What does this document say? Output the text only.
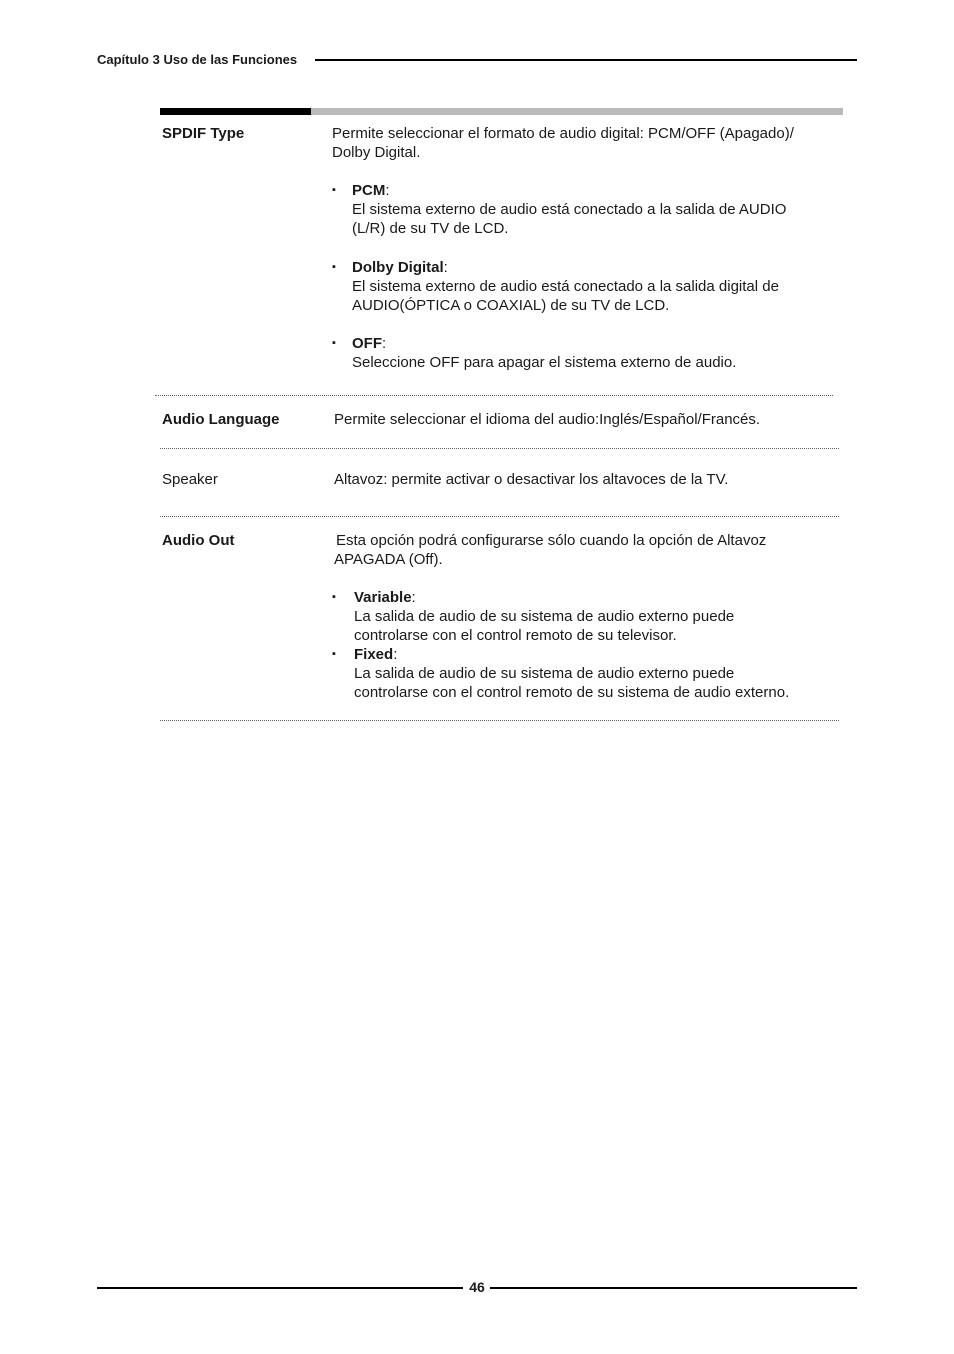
Capítulo 3 Uso de las Funciones
SPDIF Type	Permite seleccionar el formato de audio digital: PCM/OFF (Apagado)/
Dolby Digital.
▪ PCM:
El sistema externo de audio está conectado a la salida de AUDIO
(L/R) de su TV de LCD.
▪ Dolby Digital:
El sistema externo de audio está conectado a la salida digital de
AUDIO(ÓPTICA o COAXIAL) de su TV de LCD.
▪ OFF:
Seleccione OFF para apagar el sistema externo de audio.
Audio Language	Permite seleccionar el idioma del audio:Inglés/Español/Francés.
Speaker	Altavoz: permite activar o desactivar los altavoces de la TV.
Audio Out	Esta opción podrá configurarse sólo cuando la opción de Altavoz
APAGADA (Off).
▪ Variable:
La salida de audio de su sistema de audio externo puede
controlarse con el control remoto de su televisor.
▪ Fixed:
La salida de audio de su sistema de audio externo puede
controlarse con el control remoto de su sistema de audio externo.
46
